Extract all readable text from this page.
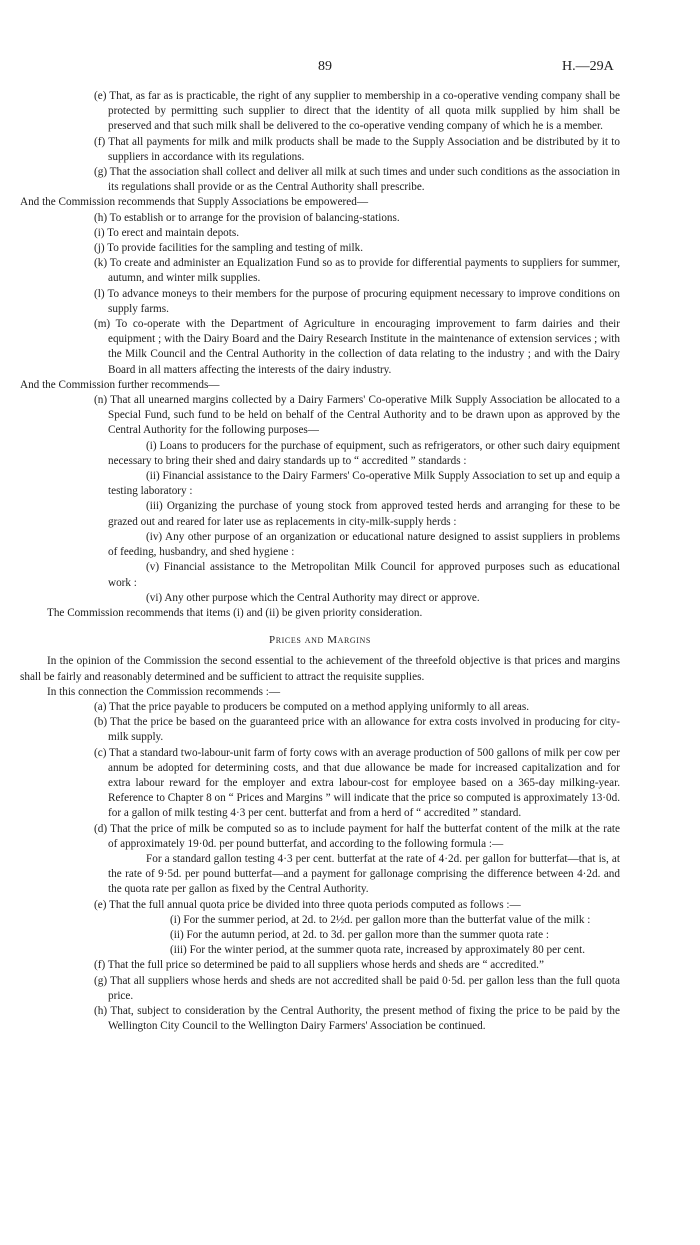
89	H.—29A

(e) That, as far as is practicable, the right of any supplier to membership in a co-operative vending company shall be protected by permitting such supplier to direct that the identity of all quota milk supplied by him shall be preserved and that such milk shall be delivered to the co-operative vending company of which he is a member.

(f) That all payments for milk and milk products shall be made to the Supply Association and be distributed by it to suppliers in accordance with its regulations.

(g) That the association shall collect and deliver all milk at such times and under such conditions as the association in its regulations shall provide or as the Central Authority shall prescribe.

And the Commission recommends that Supply Associations be empowered—

(h) To establish or to arrange for the provision of balancing-stations.

(i) To erect and maintain depots.

(j) To provide facilities for the sampling and testing of milk.

(k) To create and administer an Equalization Fund so as to provide for differential payments to suppliers for summer, autumn, and winter milk supplies.

(l) To advance moneys to their members for the purpose of procuring equipment necessary to improve conditions on supply farms.

(m) To co-operate with the Department of Agriculture in encouraging improvement to farm dairies and their equipment ; with the Dairy Board and the Dairy Research Institute in the maintenance of extension services ; with the Milk Council and the Central Authority in the collection of data relating to the industry ; and with the Dairy Board in all matters affecting the interests of the dairy industry.

And the Commission further recommends—

(n) That all unearned margins collected by a Dairy Farmers' Co-operative Milk Supply Association be allocated to a Special Fund, such fund to be held on behalf of the Central Authority and to be drawn upon as approved by the Central Authority for the following purposes—

(i) Loans to producers for the purchase of equipment, such as refrigerators, or other such dairy equipment necessary to bring their shed and dairy standards up to “ accredited ” standards :

(ii) Financial assistance to the Dairy Farmers' Co-operative Milk Supply Association to set up and equip a testing laboratory :

(iii) Organizing the purchase of young stock from approved tested herds and arranging for these to be grazed out and reared for later use as replacements in city-milk-supply herds :

(iv) Any other purpose of an organization or educational nature designed to assist suppliers in problems of feeding, husbandry, and shed hygiene :

(v) Financial assistance to the Metropolitan Milk Council for approved purposes such as educational work :

(vi) Any other purpose which the Central Authority may direct or approve.

The Commission recommends that items (i) and (ii) be given priority consideration.

Prices and Margins

In the opinion of the Commission the second essential to the achievement of the threefold objective is that prices and margins shall be fairly and reasonably determined and be sufficient to attract the requisite supplies.

In this connection the Commission recommends :—

(a) That the price payable to producers be computed on a method applying uniformly to all areas.

(b) That the price be based on the guaranteed price with an allowance for extra costs involved in producing for city-milk supply.

(c) That a standard two-labour-unit farm of forty cows with an average production of 500 gallons of milk per cow per annum be adopted for determining costs, and that due allowance be made for increased capitalization and for extra labour reward for the employer and extra labour-cost for employee based on a 365-day milking-year. Reference to Chapter 8 on “ Prices and Margins ” will indicate that the price so computed is approximately 13·0d. for a gallon of milk testing 4·3 per cent. butterfat and from a herd of “ accredited ” standard.

(d) That the price of milk be computed so as to include payment for half the butterfat content of the milk at the rate of approximately 19·0d. per pound butterfat, and according to the following formula :—

For a standard gallon testing 4·3 per cent. butterfat at the rate of 4·2d. per gallon for butterfat—that is, at the rate of 9·5d. per pound butterfat—and a payment for gallonage comprising the difference between 4·2d. and the quota rate per gallon as fixed by the Central Authority.

(e) That the full annual quota price be divided into three quota periods computed as follows :—

(i) For the summer period, at 2d. to 2½d. per gallon more than the butterfat value of the milk :

(ii) For the autumn period, at 2d. to 3d. per gallon more than the summer quota rate :

(iii) For the winter period, at the summer quota rate, increased by approximately 80 per cent.

(f) That the full price so determined be paid to all suppliers whose herds and sheds are “ accredited.”

(g) That all suppliers whose herds and sheds are not accredited shall be paid 0·5d. per gallon less than the full quota price.

(h) That, subject to consideration by the Central Authority, the present method of fixing the price to be paid by the Wellington City Council to the Wellington Dairy Farmers' Association be continued.
